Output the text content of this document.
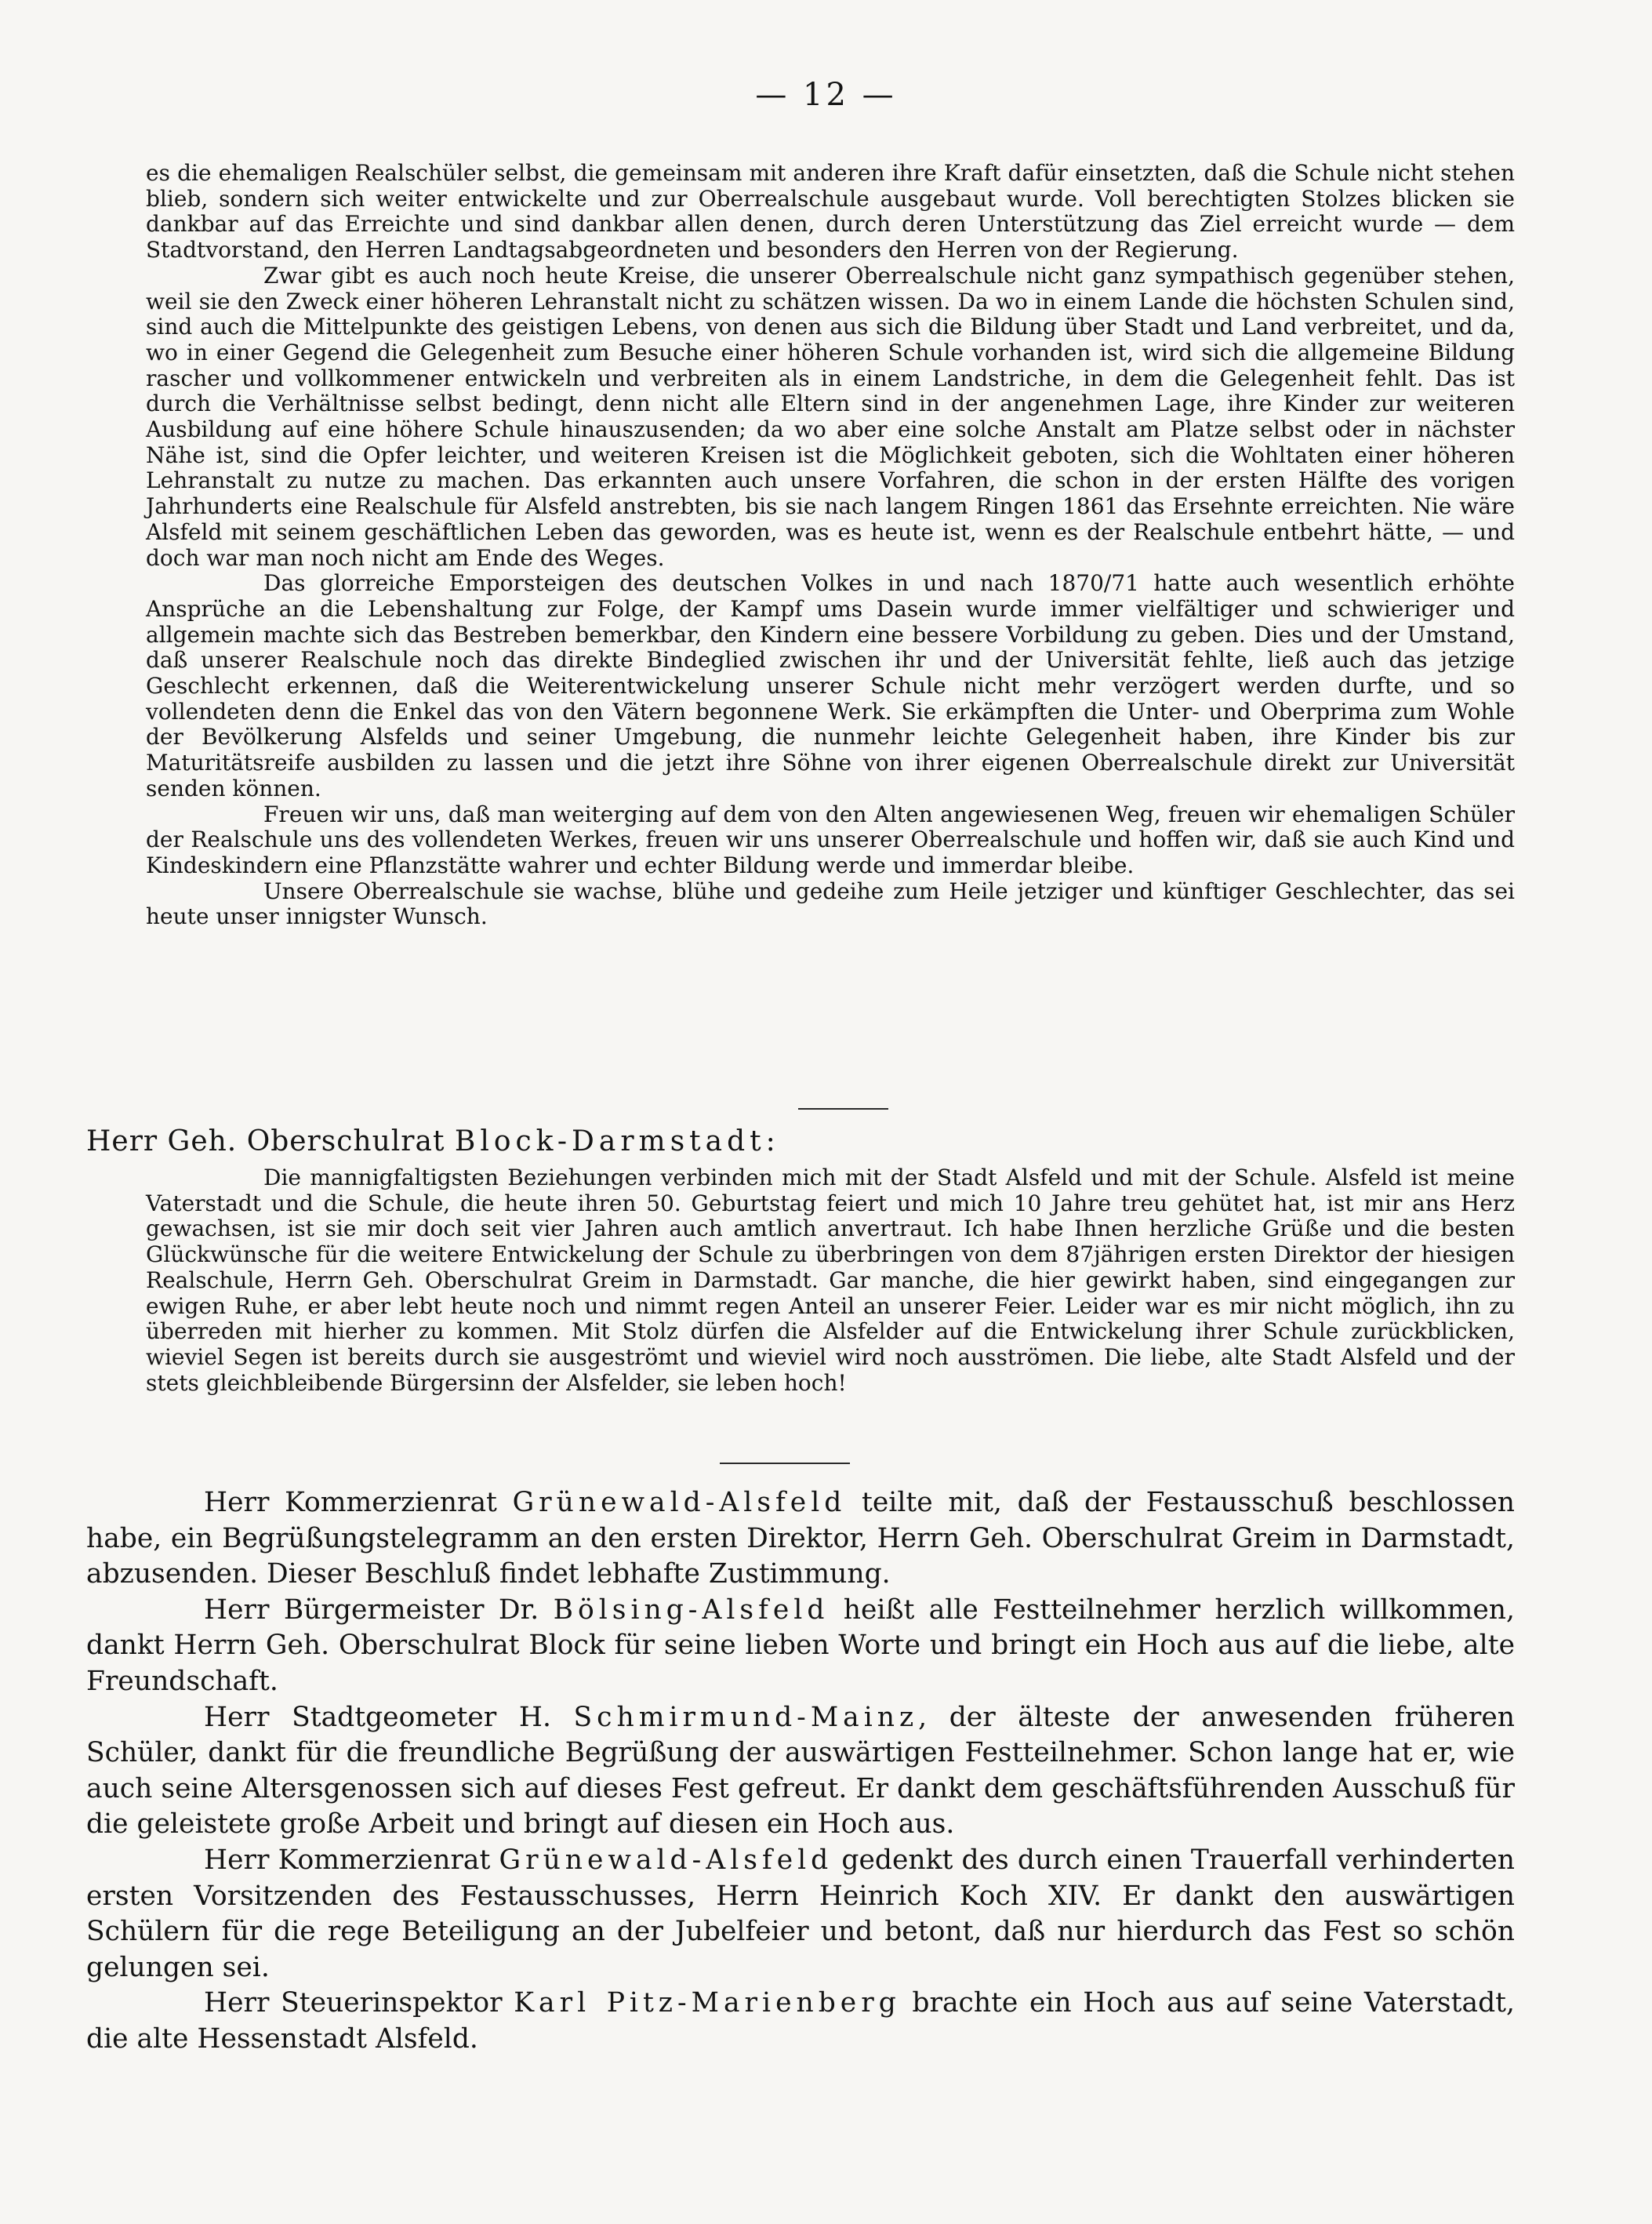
— 12 —

es die ehemaligen Realschüler selbst, die gemeinsam mit anderen ihre Kraft dafür einsetzten, daß die Schule nicht stehen blieb, sondern sich weiter entwickelte und zur Oberrealschule ausgebaut wurde. Voll berechtigten Stolzes blicken sie dankbar auf das Erreichte und sind dankbar allen denen, durch deren Unterstützung das Ziel erreicht wurde — dem Stadtvorstand, den Herren Landtagsabgeordneten und besonders den Herren von der Regierung.

Zwar gibt es auch noch heute Kreise, die unserer Oberrealschule nicht ganz sympathisch gegenüber stehen, weil sie den Zweck einer höheren Lehranstalt nicht zu schätzen wissen. Da wo in einem Lande die höchsten Schulen sind, sind auch die Mittelpunkte des geistigen Lebens, von denen aus sich die Bildung über Stadt und Land verbreitet, und da, wo in einer Gegend die Gelegenheit zum Besuche einer höheren Schule vorhanden ist, wird sich die allgemeine Bildung rascher und vollkommener entwickeln und verbreiten als in einem Landstriche, in dem die Gelegenheit fehlt. Das ist durch die Verhältnisse selbst bedingt, denn nicht alle Eltern sind in der angenehmen Lage, ihre Kinder zur weiteren Ausbildung auf eine höhere Schule hinauszusenden; da wo aber eine solche Anstalt am Platze selbst oder in nächster Nähe ist, sind die Opfer leichter, und weiteren Kreisen ist die Möglichkeit geboten, sich die Wohltaten einer höheren Lehranstalt zu nutze zu machen. Das erkannten auch unsere Vorfahren, die schon in der ersten Hälfte des vorigen Jahrhunderts eine Realschule für Alsfeld anstrebten, bis sie nach langem Ringen 1861 das Ersehnte erreichten. Nie wäre Alsfeld mit seinem geschäftlichen Leben das geworden, was es heute ist, wenn es der Realschule entbehrt hätte, — und doch war man noch nicht am Ende des Weges.

Das glorreiche Emporsteigen des deutschen Volkes in und nach 1870/71 hatte auch wesentlich erhöhte Ansprüche an die Lebenshaltung zur Folge, der Kampf ums Dasein wurde immer vielfältiger und schwieriger und allgemein machte sich das Bestreben bemerkbar, den Kindern eine bessere Vorbildung zu geben. Dies und der Umstand, daß unserer Realschule noch das direkte Bindeglied zwischen ihr und der Universität fehlte, ließ auch das jetzige Geschlecht erkennen, daß die Weiterentwickelung unserer Schule nicht mehr verzögert werden durfte, und so vollendeten denn die Enkel das von den Vätern begonnene Werk. Sie erkämpften die Unter- und Oberprima zum Wohle der Bevölkerung Alsfelds und seiner Umgebung, die nunmehr leichte Gelegenheit haben, ihre Kinder bis zur Maturitätsreife ausbilden zu lassen und die jetzt ihre Söhne von ihrer eigenen Oberrealschule direkt zur Universität senden können.

Freuen wir uns, daß man weiterging auf dem von den Alten angewiesenen Weg, freuen wir ehemaligen Schüler der Realschule uns des vollendeten Werkes, freuen wir uns unserer Oberrealschule und hoffen wir, daß sie auch Kind und Kindeskindern eine Pflanzstätte wahrer und echter Bildung werde und immerdar bleibe.

Unsere Oberrealschule sie wachse, blühe und gedeihe zum Heile jetziger und künftiger Geschlechter, das sei heute unser innigster Wunsch.

Herr Geh. Oberschulrat Block-Darmstadt:

Die mannigfaltigsten Beziehungen verbinden mich mit der Stadt Alsfeld und mit der Schule. Alsfeld ist meine Vaterstadt und die Schule, die heute ihren 50. Geburtstag feiert und mich 10 Jahre treu gehütet hat, ist mir ans Herz gewachsen, ist sie mir doch seit vier Jahren auch amtlich anvertraut. Ich habe Ihnen herzliche Grüße und die besten Glückwünsche für die weitere Entwickelung der Schule zu überbringen von dem 87jährigen ersten Direktor der hiesigen Realschule, Herrn Geh. Oberschulrat Greim in Darmstadt. Gar manche, die hier gewirkt haben, sind eingegangen zur ewigen Ruhe, er aber lebt heute noch und nimmt regen Anteil an unserer Feier. Leider war es mir nicht möglich, ihn zu überreden mit hierher zu kommen. Mit Stolz dürfen die Alsfelder auf die Entwickelung ihrer Schule zurückblicken, wieviel Segen ist bereits durch sie ausgeströmt und wieviel wird noch ausströmen. Die liebe, alte Stadt Alsfeld und der stets gleichbleibende Bürgersinn der Alsfelder, sie leben hoch!

Herr Kommerzienrat Grünewald-Alsfeld teilte mit, daß der Festausschuß beschlossen habe, ein Begrüßungstelegramm an den ersten Direktor, Herrn Geh. Oberschulrat Greim in Darmstadt, abzusenden. Dieser Beschluß findet lebhafte Zustimmung.

Herr Bürgermeister Dr. Bölsing-Alsfeld heißt alle Festteilnehmer herzlich willkommen, dankt Herrn Geh. Oberschulrat Block für seine lieben Worte und bringt ein Hoch aus auf die liebe, alte Freundschaft.

Herr Stadtgeometer H. Schmirmund-Mainz, der älteste der anwesenden früheren Schüler, dankt für die freundliche Begrüßung der auswärtigen Festteilnehmer. Schon lange hat er, wie auch seine Altersgenossen sich auf dieses Fest gefreut. Er dankt dem geschäftsführenden Ausschuß für die geleistete große Arbeit und bringt auf diesen ein Hoch aus.

Herr Kommerzienrat Grünewald-Alsfeld gedenkt des durch einen Trauerfall verhinderten ersten Vorsitzenden des Festausschusses, Herrn Heinrich Koch XIV. Er dankt den auswärtigen Schülern für die rege Beteiligung an der Jubelfeier und betont, daß nur hierdurch das Fest so schön gelungen sei.

Herr Steuerinspektor Karl Pitz-Marienberg brachte ein Hoch aus auf seine Vaterstadt, die alte Hessenstadt Alsfeld.
